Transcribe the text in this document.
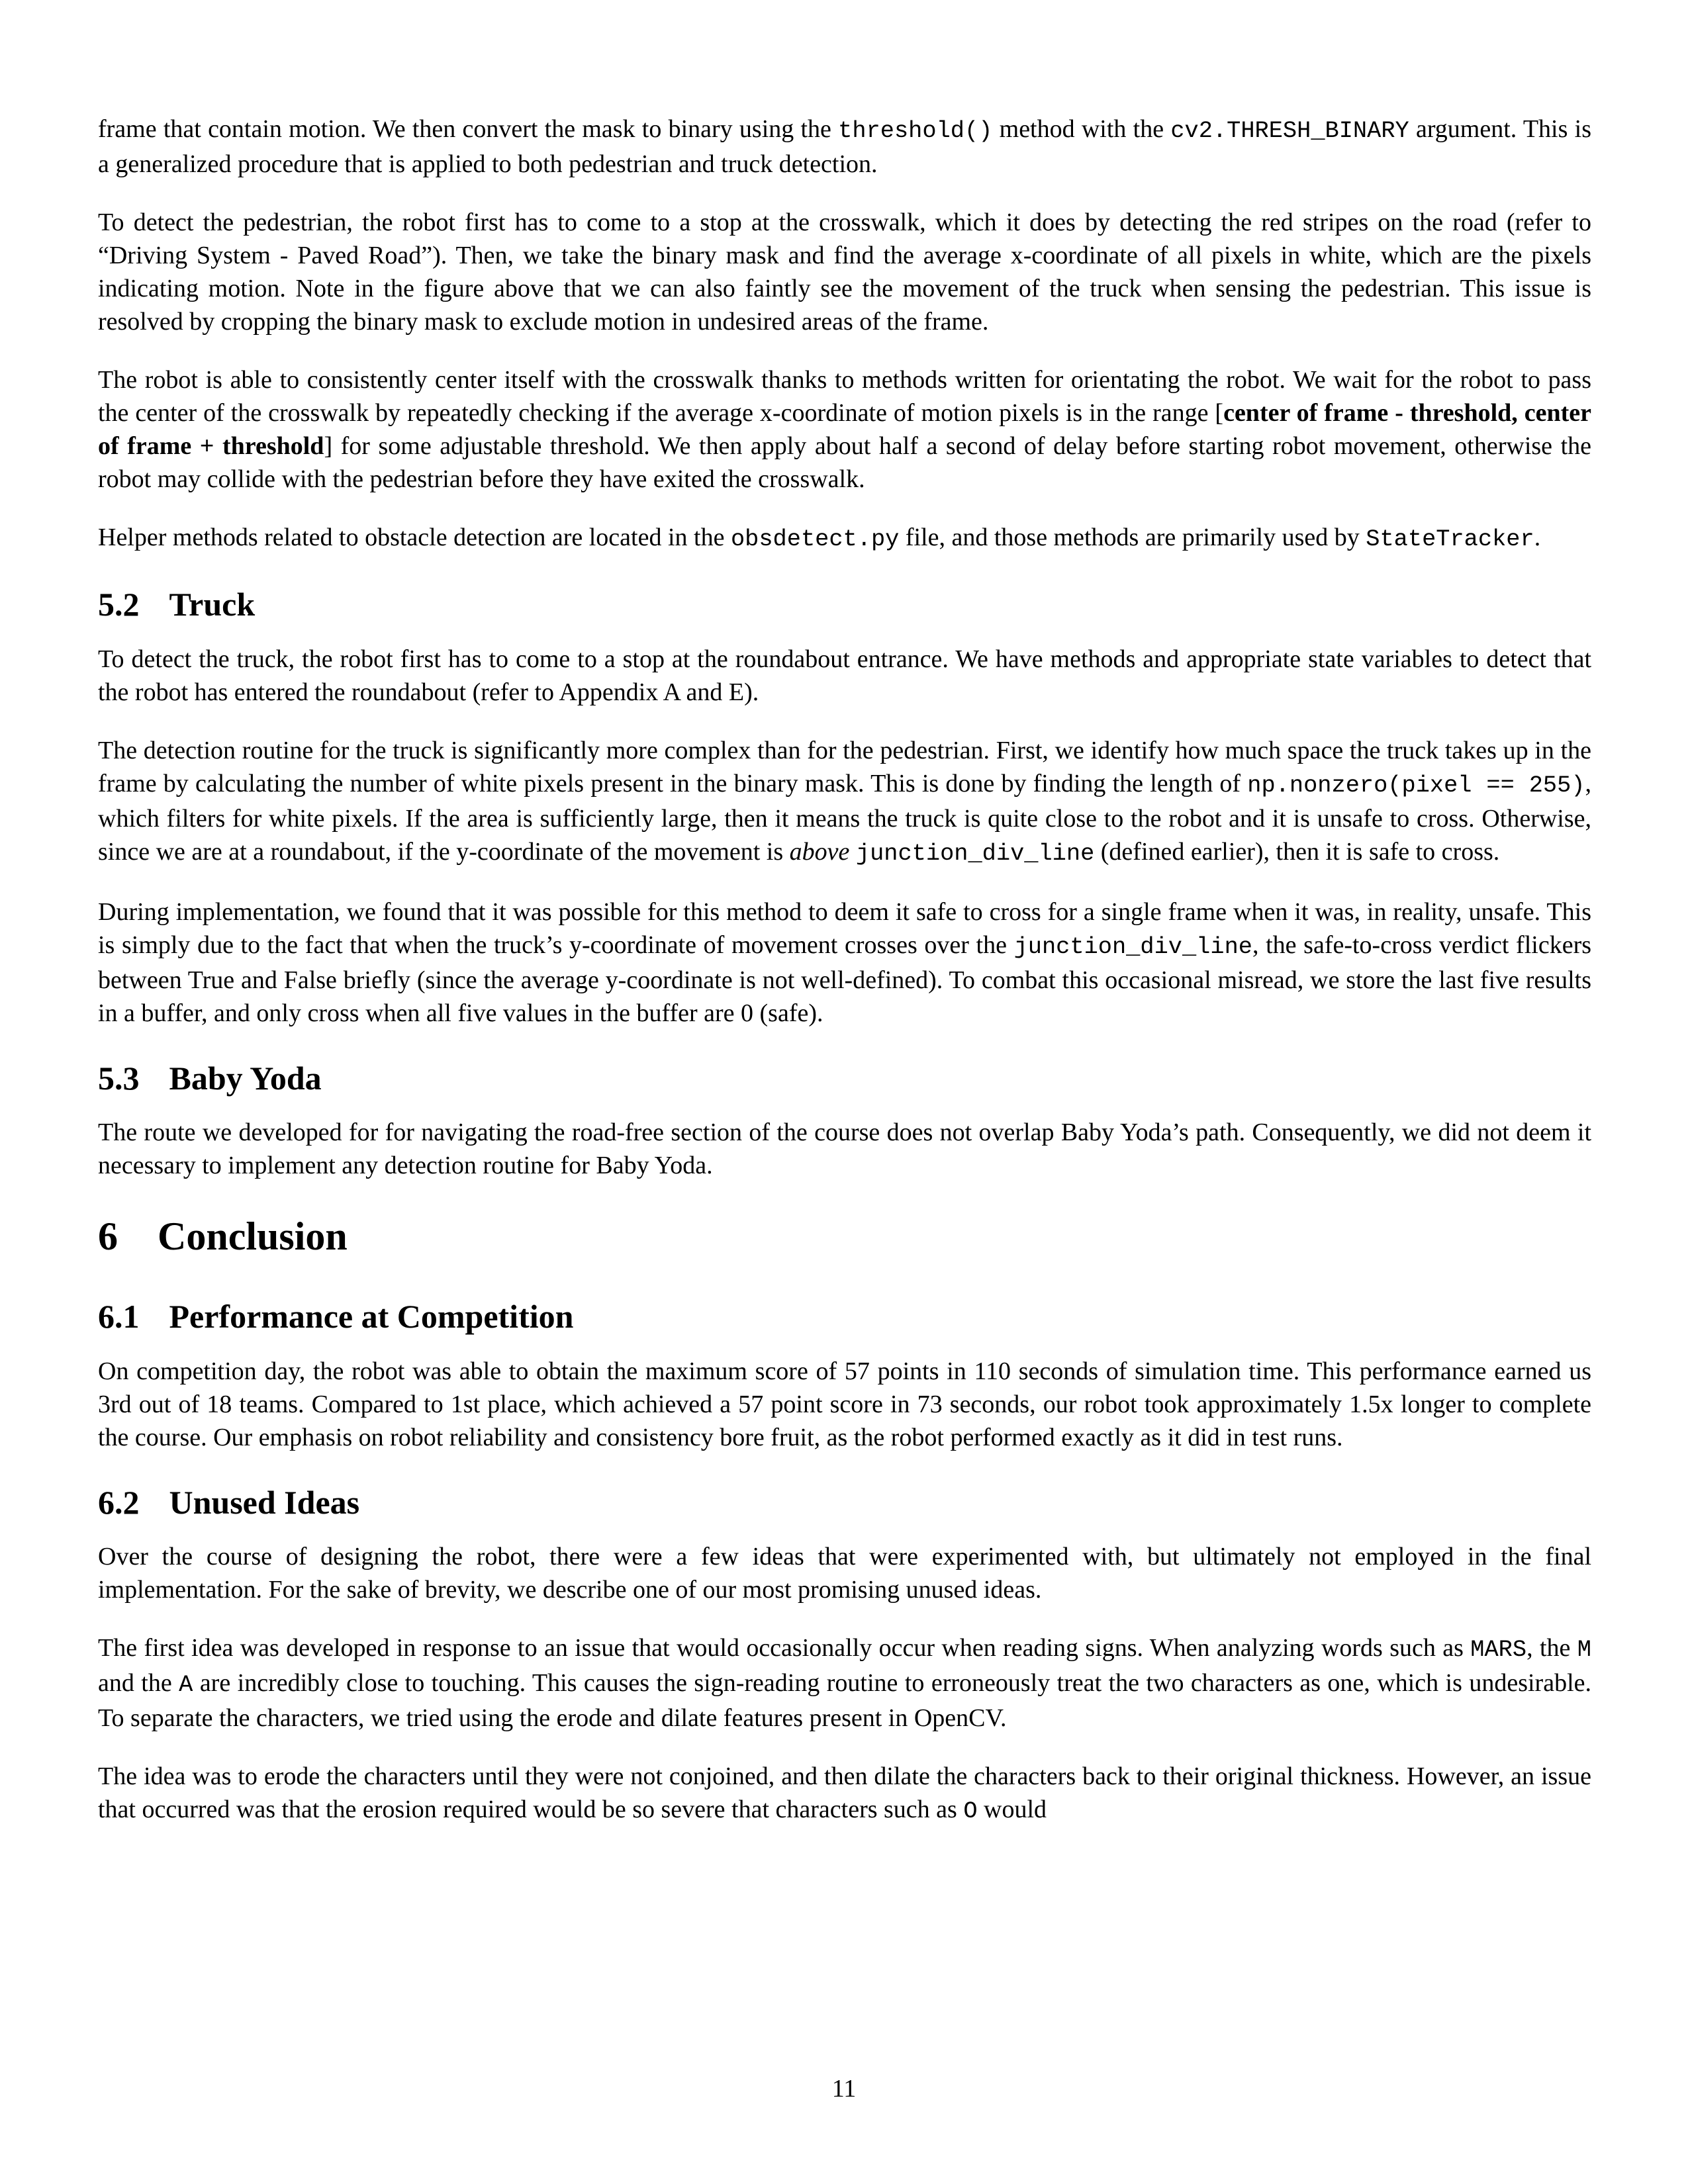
frame that contain motion. We then convert the mask to binary using the threshold() method with the cv2.THRESH_BINARY argument. This is a generalized procedure that is applied to both pedestrian and truck detection.

To detect the pedestrian, the robot first has to come to a stop at the crosswalk, which it does by detecting the red stripes on the road (refer to “Driving System - Paved Road”). Then, we take the binary mask and find the average x-coordinate of all pixels in white, which are the pixels indicating motion. Note in the figure above that we can also faintly see the movement of the truck when sensing the pedestrian. This issue is resolved by cropping the binary mask to exclude motion in undesired areas of the frame.

The robot is able to consistently center itself with the crosswalk thanks to methods written for orientating the robot. We wait for the robot to pass the center of the crosswalk by repeatedly checking if the average x-coordinate of motion pixels is in the range [center of frame - threshold, center of frame + threshold] for some adjustable threshold. We then apply about half a second of delay before starting robot movement, otherwise the robot may collide with the pedestrian before they have exited the crosswalk.

Helper methods related to obstacle detection are located in the obsdetect.py file, and those methods are primarily used by StateTracker.

5.2 Truck

To detect the truck, the robot first has to come to a stop at the roundabout entrance. We have methods and appropriate state variables to detect that the robot has entered the roundabout (refer to Appendix A and E).

The detection routine for the truck is significantly more complex than for the pedestrian. First, we identify how much space the truck takes up in the frame by calculating the number of white pixels present in the binary mask. This is done by finding the length of np.nonzero(pixel == 255), which filters for white pixels. If the area is sufficiently large, then it means the truck is quite close to the robot and it is unsafe to cross. Otherwise, since we are at a roundabout, if the y-coordinate of the movement is above junction_div_line (defined earlier), then it is safe to cross.

During implementation, we found that it was possible for this method to deem it safe to cross for a single frame when it was, in reality, unsafe. This is simply due to the fact that when the truck’s y-coordinate of movement crosses over the junction_div_line, the safe-to-cross verdict flickers between True and False briefly (since the average y-coordinate is not well-defined). To combat this occasional misread, we store the last five results in a buffer, and only cross when all five values in the buffer are 0 (safe).

5.3 Baby Yoda

The route we developed for for navigating the road-free section of the course does not overlap Baby Yoda’s path. Consequently, we did not deem it necessary to implement any detection routine for Baby Yoda.

6 Conclusion
6.1 Performance at Competition

On competition day, the robot was able to obtain the maximum score of 57 points in 110 seconds of simulation time. This performance earned us 3rd out of 18 teams. Compared to 1st place, which achieved a 57 point score in 73 seconds, our robot took approximately 1.5x longer to complete the course. Our emphasis on robot reliability and consistency bore fruit, as the robot performed exactly as it did in test runs.

6.2 Unused Ideas

Over the course of designing the robot, there were a few ideas that were experimented with, but ultimately not employed in the final implementation. For the sake of brevity, we describe one of our most promising unused ideas.

The first idea was developed in response to an issue that would occasionally occur when reading signs. When analyzing words such as MARS, the M and the A are incredibly close to touching. This causes the sign-reading routine to erroneously treat the two characters as one, which is undesirable. To separate the characters, we tried using the erode and dilate features present in OpenCV.

The idea was to erode the characters until they were not conjoined, and then dilate the characters back to their original thickness. However, an issue that occurred was that the erosion required would be so severe that characters such as O would

11
